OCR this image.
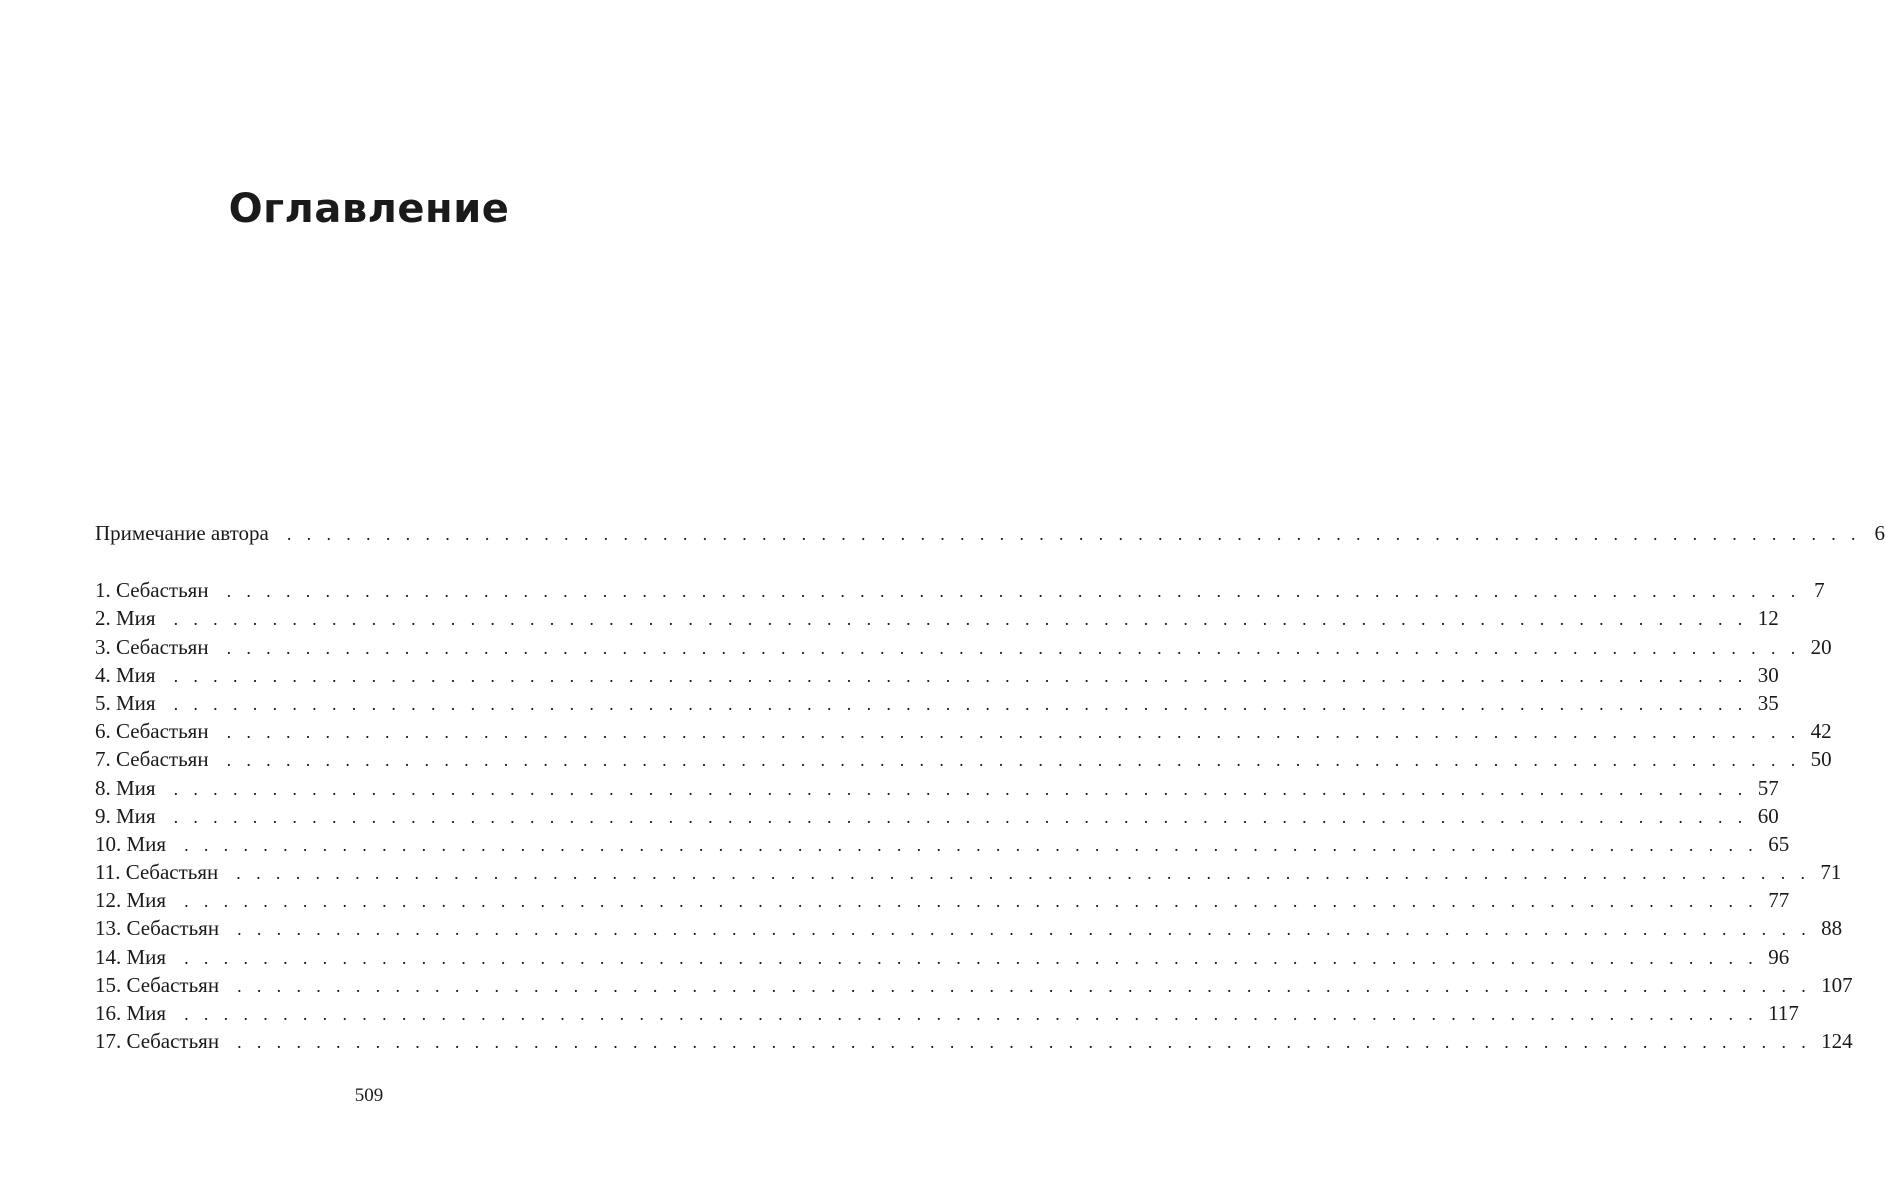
Оглавление
Примечание автора	. . . . . . . . . . . . . . . . . . . . . . . . . . . . . . . . . . . . . . . . . . . . . . . . . . . . . . . . . . . . . . . . . . . . . . . . . . . . . . . . 6
1. Себастьян	. . . . . . . . . . . . . . . . . . . . . . . . . . . . . . . . . . . . . . . . . . . . . . . . . . . . . . . . . . . . . . . . . . . . . . . . . . . . . . . . 7
2. Мия	. . . . . . . . . . . . . . . . . . . . . . . . . . . . . . . . . . . . . . . . . . . . . . . . . . . . . . . . . . . . . . . . . . . . . . . . . . . . . . . . 12
3. Себастьян	. . . . . . . . . . . . . . . . . . . . . . . . . . . . . . . . . . . . . . . . . . . . . . . . . . . . . . . . . . . . . . . . . . . . . . . . . . . . . . . . 20
4. Мия	. . . . . . . . . . . . . . . . . . . . . . . . . . . . . . . . . . . . . . . . . . . . . . . . . . . . . . . . . . . . . . . . . . . . . . . . . . . . . . . . 30
5. Мия	. . . . . . . . . . . . . . . . . . . . . . . . . . . . . . . . . . . . . . . . . . . . . . . . . . . . . . . . . . . . . . . . . . . . . . . . . . . . . . . . 35
6. Себастьян	. . . . . . . . . . . . . . . . . . . . . . . . . . . . . . . . . . . . . . . . . . . . . . . . . . . . . . . . . . . . . . . . . . . . . . . . . . . . . . . . 42
7. Себастьян	. . . . . . . . . . . . . . . . . . . . . . . . . . . . . . . . . . . . . . . . . . . . . . . . . . . . . . . . . . . . . . . . . . . . . . . . . . . . . . . . 50
8. Мия	. . . . . . . . . . . . . . . . . . . . . . . . . . . . . . . . . . . . . . . . . . . . . . . . . . . . . . . . . . . . . . . . . . . . . . . . . . . . . . . . 57
9. Мия	. . . . . . . . . . . . . . . . . . . . . . . . . . . . . . . . . . . . . . . . . . . . . . . . . . . . . . . . . . . . . . . . . . . . . . . . . . . . . . . . 60
10. Мия	. . . . . . . . . . . . . . . . . . . . . . . . . . . . . . . . . . . . . . . . . . . . . . . . . . . . . . . . . . . . . . . . . . . . . . . . . . . . . . . . 65
11. Себастьян	. . . . . . . . . . . . . . . . . . . . . . . . . . . . . . . . . . . . . . . . . . . . . . . . . . . . . . . . . . . . . . . . . . . . . . . . . . . . . . . . 71
12. Мия	. . . . . . . . . . . . . . . . . . . . . . . . . . . . . . . . . . . . . . . . . . . . . . . . . . . . . . . . . . . . . . . . . . . . . . . . . . . . . . . . 77
13. Себастьян	. . . . . . . . . . . . . . . . . . . . . . . . . . . . . . . . . . . . . . . . . . . . . . . . . . . . . . . . . . . . . . . . . . . . . . . . . . . . . . . . 88
14. Мия	. . . . . . . . . . . . . . . . . . . . . . . . . . . . . . . . . . . . . . . . . . . . . . . . . . . . . . . . . . . . . . . . . . . . . . . . . . . . . . . . 96
15. Себастьян	. . . . . . . . . . . . . . . . . . . . . . . . . . . . . . . . . . . . . . . . . . . . . . . . . . . . . . . . . . . . . . . . . . . . . . . . . . . . . . . . 107
16. Мия	. . . . . . . . . . . . . . . . . . . . . . . . . . . . . . . . . . . . . . . . . . . . . . . . . . . . . . . . . . . . . . . . . . . . . . . . . . . . . . . . 117
17. Себастьян	. . . . . . . . . . . . . . . . . . . . . . . . . . . . . . . . . . . . . . . . . . . . . . . . . . . . . . . . . . . . . . . . . . . . . . . . . . . . . . . . 124
509
